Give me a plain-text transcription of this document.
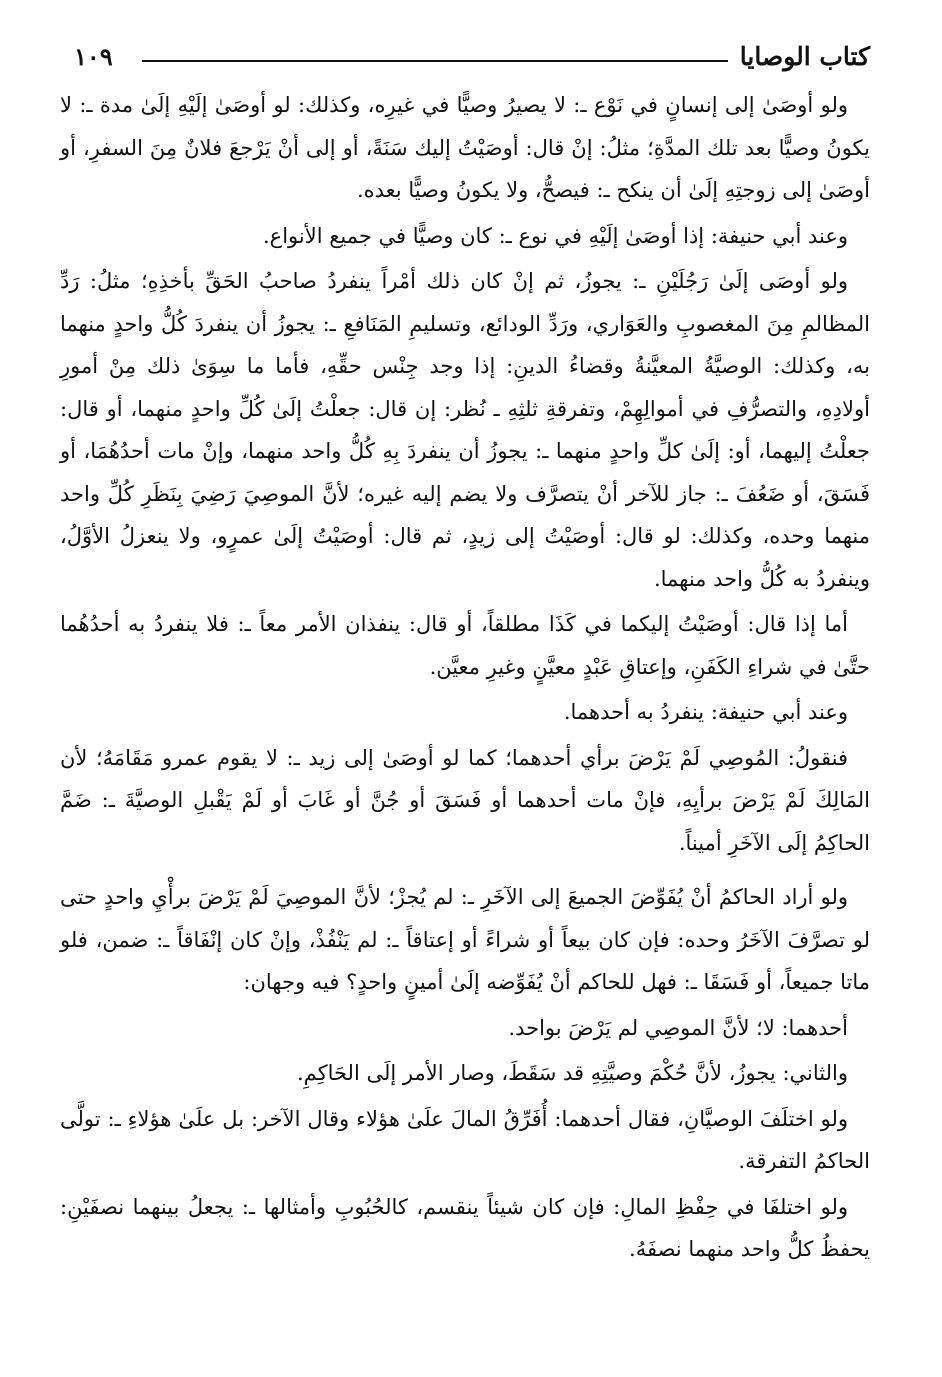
كتاب الوصايا
١٠٩

ولو أوصَىٰ إلى إنسانٍ في نَوْع ـ: لا يصيرُ وصيًّا في غيرِه، وكذلك: لو أوصَىٰ إلَيْهِ إلَىٰ مدة ـ: لا يكونُ وصيًّا بعد تلك المدَّةِ؛ مثلُ: إنْ قال: أوصَيْتُ إليك سَنَةً، أو إلى أنْ يَرْجعَ فلانٌ مِنَ السفرِ، أو أوصَىٰ إلى زوجتِهِ إلَىٰ أن ينكح ـ: فيصحُّ، ولا يكونُ وصيًّا بعده.

وعند أبي حنيفة: إذا أوصَىٰ إلَيْهِ في نوع ـ: كان وصيًّا في جميع الأنواع.

ولو أوصَى إلَىٰ رَجُلَيْنِ ـ: يجوزُ، ثم إنْ كان ذلك أمْراً ينفردُ صاحبُ الحَقِّ بأخذِهِ؛ مثلُ: رَدِّ المظالمِ مِنَ المغصوبِ والعَوَاري، ورَدِّ الودائع، وتسليمِ المَنَافعِ ـ: يجوزُ أن ينفردَ كُلُّ واحدٍ منهما به، وكذلك: الوصيَّةُ المعيَّنةُ وقضاءُ الدينِ: إذا وجد جِنْس حقِّهِ، فأما ما سِوَىٰ ذلك مِنْ أمورِ أولادِهِ، والتصرُّفِ في أموالِهِمْ، وتفرقةِ ثلثِهِ ـ نُظر: إن قال: جعلْتُ إلَىٰ كُلِّ واحدٍ منهما، أو قال: جعلْتُ إليهما، أو: إلَىٰ كلِّ واحدٍ منهما ـ: يجوزُ أن ينفردَ بِهِ كُلُّ واحد منهما، وإنْ مات أحدُهُمَا، أو فَسَقَ، أو ضَعُفَ ـ: جاز للآخر أنْ يتصرَّف ولا يضم إليه غيره؛ لأنَّ الموصِيَ رَضِيَ بِنَظَرِ كُلِّ واحد منهما وحده، وكذلك: لو قال: أوصَيْتُ إلى زيدٍ، ثم قال: أوصَيْتُ إلَىٰ عمرٍو، ولا ينعزلُ الأوَّلُ، وينفردُ به كُلُّ واحد منهما.

أما إذا قال: أوصَيْتُ إليكما في كَذَا مطلقاً، أو قال: ينفذان الأمر معاً ـ: فلا ينفردُ به أحدُهُما حتَّىٰ في شراءِ الكَفَنِ، وإعتاقِ عَبْدٍ معيَّنٍ وغيرِ معيَّن.

وعند أبي حنيفة: ينفردُ به أحدهما.

فنقولُ: المُوصِي لَمْ يَرْضَ برأي أحدهما؛ كما لو أوصَىٰ إلى زيد ـ: لا يقوم عمرو مَقَامَهُ؛ لأن المَالِكَ لَمْ يَرْضَ برأيِهِ، فإنْ مات أحدهما أو فَسَقَ أو جُنَّ أو غَابَ أو لَمْ يَقْبلِ الوصيَّةَ ـ: ضَمَّ الحاكِمُ إلَى الآخَرِ أميناً.

ولو أراد الحاكمُ أنْ يُفَوِّضَ الجميعَ إلى الآخَرِ ـ: لم يُجزْ؛ لأنَّ الموصِيَ لَمْ يَرْضَ برأْيِ واحدٍ حتى لو تصرَّفَ الآخَرُ وحده: فإن كان بيعاً أو شراءً أو إعتاقاً ـ: لم يَنْفُذْ، وإنْ كان إنْفَاقاً ـ: ضمن، فلو ماتا جميعاً، أو فَسَقَا ـ: فهل للحاكم أنْ يُفَوِّضه إلَىٰ أمينٍ واحدٍ؟ فيه وجهان:

أحدهما: لا؛ لأنَّ الموصِي لم يَرْضَ بواحد.

والثاني: يجوزُ، لأنَّ حُكْمَ وصيَّتِهِ قد سَقَطَ، وصار الأمر إلَى الحَاكِمِ.

ولو اختلَفَ الوصيَّانِ، فقال أحدهما: أُفَرِّقُ المالَ علَىٰ هؤلاء وقال الآخر: بل علَىٰ هؤلاءِ ـ: تولَّى الحاكمُ التفرقة.

ولو اختلفَا في حِفْظِ المالِ: فإن كان شيئاً ينقسم، كالحُبُوبِ وأمثالها ـ: يجعلُ بينهما نصفَيْنِ: يحفظُ كلُّ واحد منهما نصفَهُ.
